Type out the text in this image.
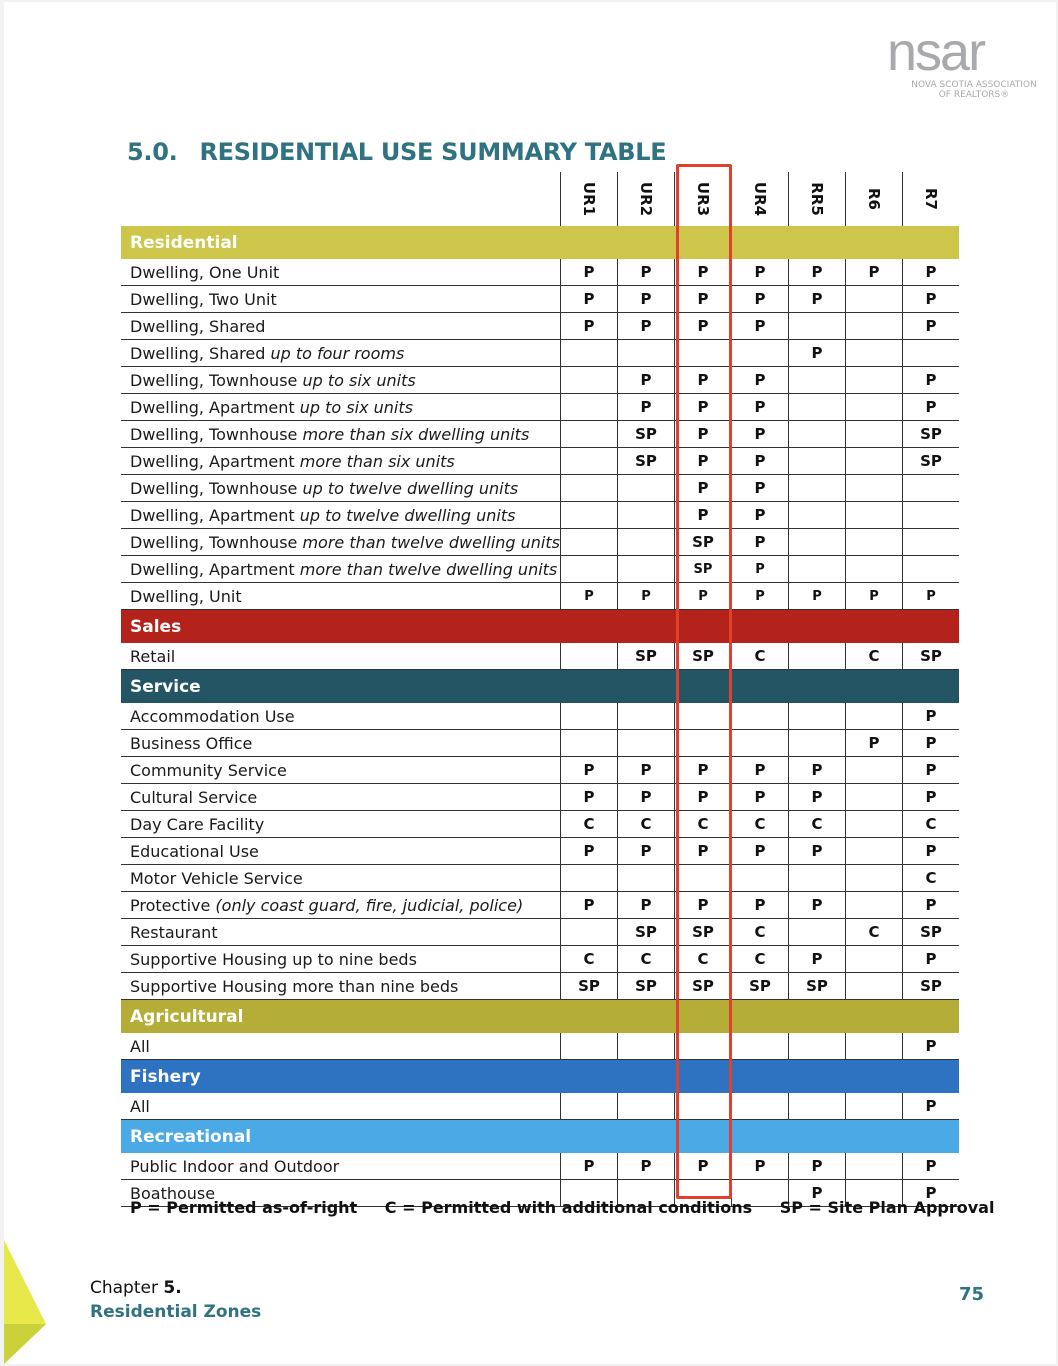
nsar
NOVA SCOTIA ASSOCIATION
OF REALTORS®
5.0. RESIDENTIAL USE SUMMARY TABLE

	UR1	UR2	UR3	UR4	RR5	R6	R7

Residential							
Dwelling, One Unit	P	P	P	P	P	P	P
Dwelling, Two Unit	P	P	P	P	P		P
Dwelling, Shared	P	P	P	P			P
Dwelling, Shared up to four rooms					P		
Dwelling, Townhouse up to six units		P	P	P			P
Dwelling, Apartment up to six units		P	P	P			P
Dwelling, Townhouse more than six dwelling units		SP	P	P			SP
Dwelling, Apartment more than six units		SP	P	P			SP
Dwelling, Townhouse up to twelve dwelling units			P	P			
Dwelling, Apartment up to twelve dwelling units			P	P			
Dwelling, Townhouse more than twelve dwelling units			SP	P			
Dwelling, Apartment more than twelve dwelling units			SP	P			
Dwelling, Unit	P	P	P	P	P	P	P
Sales							
Retail		SP	SP	C		C	SP
Service							
Accommodation Use							P
Business Office						P	P
Community Service	P	P	P	P	P		P
Cultural Service	P	P	P	P	P		P
Day Care Facility	C	C	C	C	C		C
Educational Use	P	P	P	P	P		P
Motor Vehicle Service							C
Protective (only coast guard, fire, judicial, police)	P	P	P	P	P		P
Restaurant		SP	SP	C		C	SP
Supportive Housing up to nine beds	C	C	C	C	P		P
Supportive Housing more than nine beds	SP	SP	SP	SP	SP		SP
Agricultural							
All							P
Fishery							
All							P
Recreational							
Public Indoor and Outdoor	P	P	P	P	P		P
Boathouse					P		P
P = Permitted as-of-right C = Permitted with additional conditions SP = Site Plan Approval
Chapter 5.
Residential Zones
75
